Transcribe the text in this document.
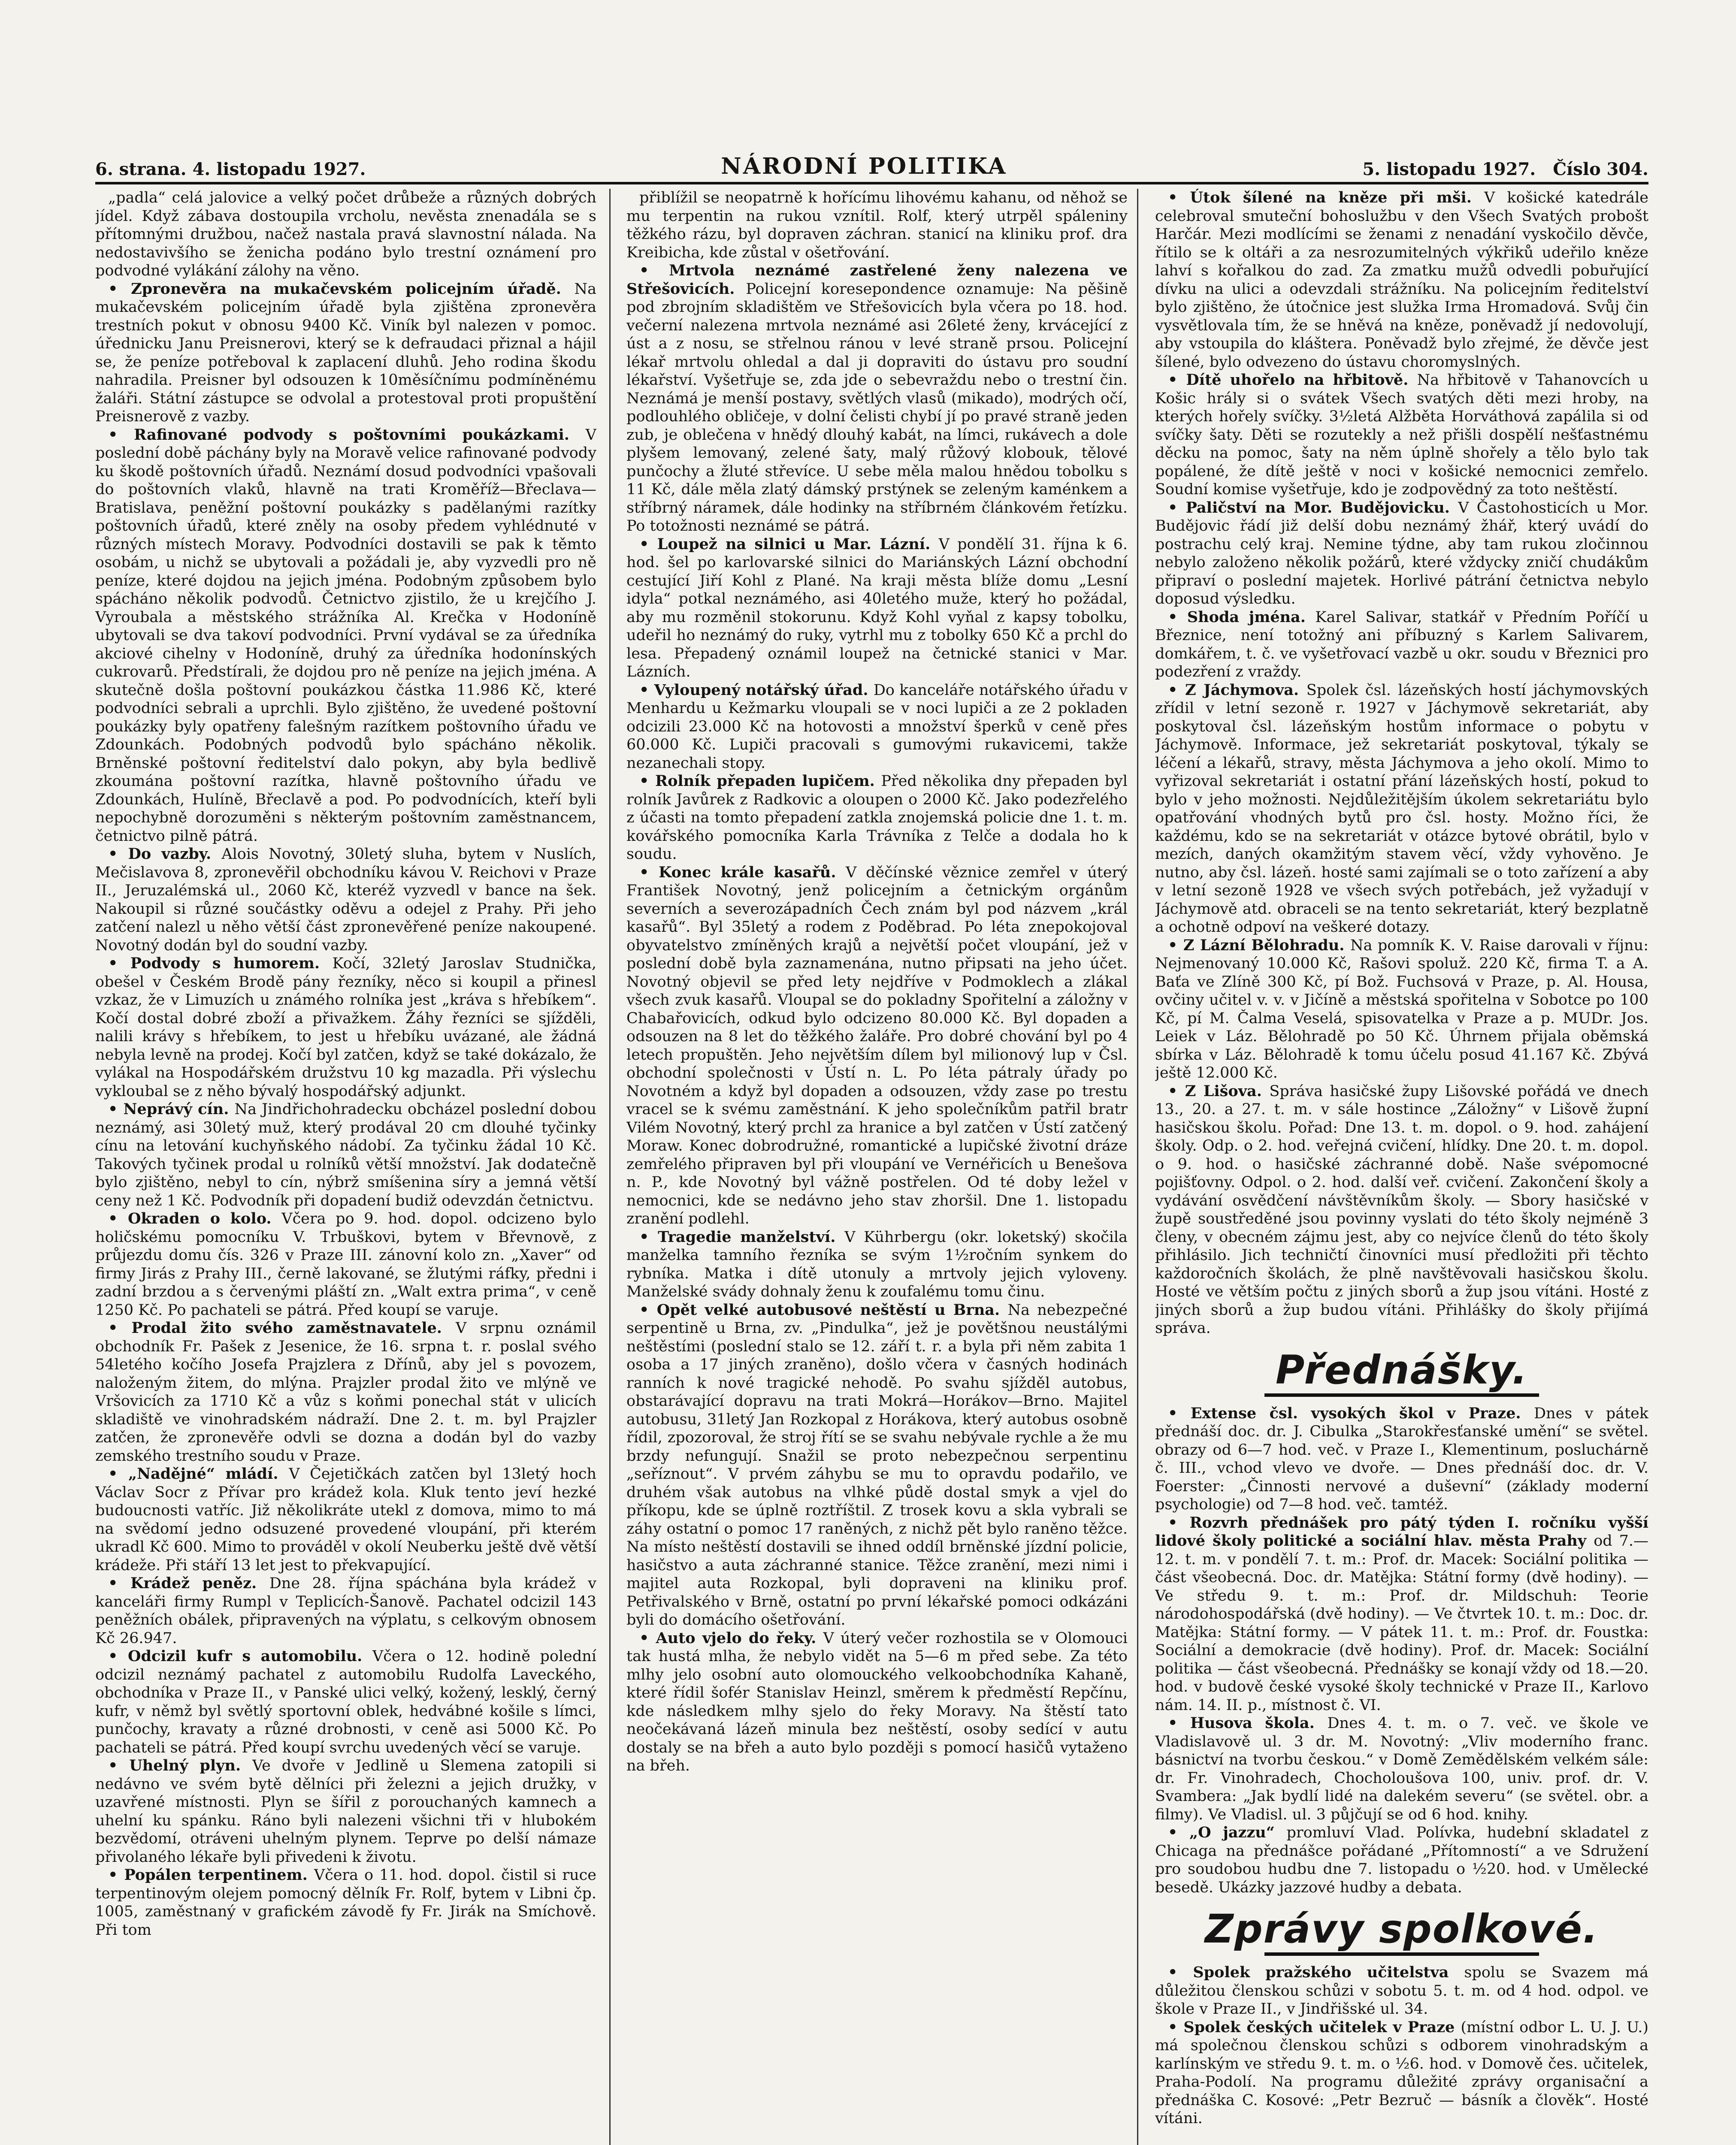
6. strana. 4. listopadu 1927.	NÁRODNÍ POLITIKA	5. listopadu 1927. Číslo 304.

„padla“ celá jalovice a velký počet drůbeže a různých dobrých jídel. Když zábava dostoupila vrcholu, nevěsta znenadála se s přítomnými družbou, načež nastala pravá slavnostní nálada. Na nedostavivšího se ženicha podáno bylo trestní oznámení pro podvodné vylákání zálohy na věno.

• Zpronevěra na mukačevském policejním úřadě. Na mukačevském policejním úřadě byla zjištěna zpronevěra trestních pokut v obnosu 9400 Kč. Viník byl nalezen v pomoc. úřednicku Janu Preisnerovi, který se k defraudaci přiznal a hájil se, že peníze potřeboval k zaplacení dluhů. Jeho rodina škodu nahradila. Preisner byl odsouzen k 10měsíčnímu podmíněnému žaláři. Státní zástupce se odvolal a protestoval proti propuštění Preisnerově z vazby.

• Rafinované podvody s poštovními poukázkami. V poslední době páchány byly na Moravě velice rafinované podvody ku škodě poštovních úřadů. Neznámí dosud podvodníci vpašovali do poštovních vlaků, hlavně na trati Kroměříž—Břeclava—Bratislava, peněžní poštovní poukázky s padělanými razítky poštovních úřadů, které zněly na osoby předem vyhlédnuté v různých místech Moravy. Podvodníci dostavili se pak k těmto osobám, u nichž se ubytovali a požádali je, aby vyzvedli pro ně peníze, které dojdou na jejich jména. Podobným způsobem bylo spácháno několik podvodů. Četnictvo zjistilo, že u krejčího J. Vyroubala a městského strážníka Al. Krečka v Hodoníně ubytovali se dva takoví podvodníci. První vydával se za úředníka akciové cihelny v Hodoníně, druhý za úředníka hodonínských cukrovarů. Předstírali, že dojdou pro ně peníze na jejich jména. A skutečně došla poštovní poukázkou částka 11.986 Kč, které podvodníci sebrali a uprchli. Bylo zjištěno, že uvedené poštovní poukázky byly opatřeny falešným razítkem poštovního úřadu ve Zdounkách. Podobných podvodů bylo spácháno několik. Brněnské poštovní ředitelství dalo pokyn, aby byla bedlivě zkoumána poštovní razítka, hlavně poštovního úřadu ve Zdounkách, Hulíně, Břeclavě a pod. Po podvodnících, kteří byli nepochybně dorozuměni s některým poštovním zaměstnancem, četnictvo pilně pátrá.

• Do vazby. Alois Novotný, 30letý sluha, bytem v Nuslích, Mečislavova 8, zpronevěřil obchodníku kávou V. Reichovi v Praze II., Jeruzalémská ul., 2060 Kč, kteréž vyzvedl v bance na šek. Nakoupil si různé součástky oděvu a odejel z Prahy. Při jeho zatčení nalezl u něho větší část zpronevěřené peníze nakoupené. Novotný dodán byl do soudní vazby.

• Podvody s humorem. Kočí, 32letý Jaroslav Studnička, obešel v Českém Brodě pány řezníky, něco si koupil a přinesl vzkaz, že v Limuzích u známého rolníka jest „kráva s hřebíkem“. Kočí dostal dobré zboží a přivažkem. Žáhy řezníci se sjížděli, nalili krávy s hřebíkem, to jest u hřebíku uvázané, ale žádná nebyla levně na prodej. Kočí byl zatčen, když se také dokázalo, že vylákal na Hospodářském družstvu 10 kg mazadla. Při výslechu vykloubal se z něho bývalý hospodářský adjunkt.

• Neprávý cín. Na Jindřichohradecku obcházel poslední dobou neznámý, asi 30letý muž, který prodával 20 cm dlouhé tyčinky cínu na letování kuchyňského nádobí. Za tyčinku žádal 10 Kč. Takových tyčinek prodal u rolníků větší množství. Jak dodatečně bylo zjištěno, nebyl to cín, nýbrž smíšenina síry a jemná větší ceny než 1 Kč. Podvodník při dopadení budiž odevzdán četnictvu.

• Okraden o kolo. Včera po 9. hod. dopol. odcizeno bylo holičskému pomocníku V. Trbuškovi, bytem v Břevnově, z průjezdu domu čís. 326 v Praze III. zánovní kolo zn. „Xaver“ od firmy Jirás z Prahy III., černě lakované, se žlutými ráfky, předni i zadní brzdou a s červenými pláští zn. „Walt extra prima“, v ceně 1250 Kč. Po pachateli se pátrá. Před koupí se varuje.

• Prodal žito svého zaměstnavatele. V srpnu oznámil obchodník Fr. Pašek z Jesenice, že 16. srpna t. r. poslal svého 54letého kočího Josefa Prajzlera z Dřínů, aby jel s povozem, naloženým žitem, do mlýna. Prajzler prodal žito ve mlýně ve Vršovicích za 1710 Kč a vůz s koňmi ponechal stát v ulicích skladiště ve vinohradském nádraží. Dne 2. t. m. byl Prajzler zatčen, že zpronevěře odvli se dozna a dodán byl do vazby zemského trestního soudu v Praze.

• „Nadějné“ mládí. V Čejetičkách zatčen byl 13letý hoch Václav Socr z Přívar pro krádež kola. Kluk tento jeví hezké budoucnosti vatříc. Již několikráte utekl z domova, mimo to má na svědomí jedno odsuzené provedené vloupání, při kterém ukradl Kč 600. Mimo to prováděl v okolí Neuberku ještě dvě větší krádeže. Při stáří 13 let jest to překvapující.

• Krádež peněz. Dne 28. října spáchána byla krádež v kanceláři firmy Rumpl v Teplicích-Šanově. Pachatel odcizil 143 peněžních obálek, připravených na výplatu, s celkovým obnosem Kč 26.947.

• Odcizil kufr s automobilu. Včera o 12. hodině polední odcizil neznámý pachatel z automobilu Rudolfa Laveckého, obchodníka v Praze II., v Panské ulici velký, kožený, lesklý, černý kufr, v němž byl světlý sportovní oblek, hedvábné košile s límci, punčochy, kravaty a různé drobnosti, v ceně asi 5000 Kč. Po pachateli se pátrá. Před koupí svrchu uvedených věcí se varuje.

• Uhelný plyn. Ve dvoře v Jedlině u Slemena zatopili si nedávno ve svém bytě dělníci při železni a jejich družky, v uzavřené místnosti. Plyn se šířil z porouchaných kamnech a uhelní ku spánku. Ráno byli nalezeni všichni tři v hlubokém bezvědomí, otráveni uhelným plynem. Teprve po delší námaze přivolaného lékaře byli přivedeni k životu.

• Popálen terpentinem. Včera o 11. hod. dopol. čistil si ruce terpentinovým olejem pomocný dělník Fr. Rolf, bytem v Libni čp. 1005, zaměstnaný v grafickém závodě fy Fr. Jirák na Smíchově. Při tom

přiblížil se neopatrně k hořícímu lihovému kahanu, od něhož se mu terpentin na rukou vznítil. Rolf, který utrpěl spáleniny těžkého rázu, byl dopraven záchran. stanicí na kliniku prof. dra Kreibicha, kde zůstal v ošetřování.

• Mrtvola neznámé zastřelené ženy nalezena ve Střešovicích. Policejní koresepondence oznamuje: Na pěšině pod zbrojním skladištěm ve Střešovicích byla včera po 18. hod. večerní nalezena mrtvola neznámé asi 26leté ženy, krvácející z úst a z nosu, se střelnou ránou v levé straně prsou. Policejní lékař mrtvolu ohledal a dal ji dopraviti do ústavu pro soudní lékařství. Vyšetřuje se, zda jde o sebevraždu nebo o trestní čin. Neznámá je menší postavy, světlých vlasů (mikado), modrých očí, podlouhlého obličeje, v dolní čelisti chybí jí po pravé straně jeden zub, je oblečena v hnědý dlouhý kabát, na límci, rukávech a dole plyšem lemovaný, zelené šaty, malý růžový klobouk, tělové punčochy a žluté střevíce. U sebe měla malou hnědou tobolku s 11 Kč, dále měla zlatý dámský prstýnek se zeleným kaménkem a stříbrný náramek, dále hodinky na stříbrném článkovém řetízku. Po totožnosti neznámé se pátrá.

• Loupež na silnici u Mar. Lázní. V pondělí 31. října k 6. hod. šel po karlovarské silnici do Mariánských Lázní obchodní cestující Jiří Kohl z Plané. Na kraji města blíže domu „Lesní idyla“ potkal neznámého, asi 40letého muže, který ho požádal, aby mu rozměnil stokorunu. Když Kohl vyňal z kapsy tobolku, udeřil ho neznámý do ruky, vytrhl mu z tobolky 650 Kč a prchl do lesa. Přepadený oznámil loupež na četnické stanici v Mar. Lázních.

• Vyloupený notářský úřad. Do kanceláře notářského úřadu v Menhardu u Kežmarku vloupali se v noci lupiči a ze 2 pokladen odcizili 23.000 Kč na hotovosti a množství šperků v ceně přes 60.000 Kč. Lupiči pracovali s gumovými rukavicemi, takže nezanechali stopy.

• Rolník přepaden lupičem. Před několika dny přepaden byl rolník Javůrek z Radkovic a oloupen o 2000 Kč. Jako podezřelého z účasti na tomto přepadení zatkla znojemská policie dne 1. t. m. kovářského pomocníka Karla Trávníka z Telče a dodala ho k soudu.

• Konec krále kasařů. V děčínské věznice zemřel v úterý František Novotný, jenž policejním a četnickým orgánům severních a severozápadních Čech znám byl pod názvem „král kasařů“. Byl 35letý a rodem z Poděbrad. Po léta znepokojoval obyvatelstvo zmíněných krajů a největší počet vloupání, jež v poslední době byla zaznamenána, nutno připsati na jeho účet. Novotný objevil se před lety nejdříve v Podmoklech a zlákal všech zvuk kasařů. Vloupal se do pokladny Spořitelní a záložny v Chabařovicích, odkud bylo odcizeno 80.000 Kč. Byl dopaden a odsouzen na 8 let do těžkého žaláře. Pro dobré chování byl po 4 letech propuštěn. Jeho největším dílem byl milionový lup v Čsl. obchodní společnosti v Ústí n. L. Po léta pátraly úřady po Novotném a když byl dopaden a odsouzen, vždy zase po trestu vracel se k svému zaměstnání. K jeho společníkům patřil bratr Vilém Novotný, který prchl za hranice a byl zatčen v Ústí zatčený Moraw. Konec dobrodružné, romantické a lupičské životní dráze zemřelého připraven byl při vloupání ve Vernéřicích u Benešova n. P., kde Novotný byl vážně postřelen. Od té doby ležel v nemocnici, kde se nedávno jeho stav zhoršil. Dne 1. listopadu zranění podlehl.

• Tragedie manželství. V Kührbergu (okr. loketský) skočila manželka tamního řezníka se svým 1½ročním synkem do rybníka. Matka i dítě utonuly a mrtvoly jejich vyloveny. Manželské svády dohnaly ženu k zoufalému tomu činu.

• Opět velké autobusové neštěstí u Brna. Na nebezpečné serpentině u Brna, zv. „Pindulka“, jež je povětšnou neustálými neštěstími (poslední stalo se 12. září t. r. a byla při něm zabita 1 osoba a 17 jiných zraněno), došlo včera v časných hodinách ranních k nové tragické nehodě. Po svahu sjížděl autobus, obstarávající dopravu na trati Mokrá—Horákov—Brno. Majitel autobusu, 31letý Jan Rozkopal z Horákova, který autobus osobně řídil, zpozoroval, že stroj řítí se se svahu nebývale rychle a že mu brzdy nefungují. Snažil se proto nebezpečnou serpentinu „seříznout“. V prvém záhybu se mu to opravdu podařilo, ve druhém však autobus na vlhké půdě dostal smyk a vjel do příkopu, kde se úplně roztříštil. Z trosek kovu a skla vybrali se záhy ostatní o pomoc 17 raněných, z nichž pět bylo raněno těžce. Na místo neštěstí dostavili se ihned oddíl brněnské jízdní policie, hasičstvo a auta záchranné stanice. Těžce zranění, mezi nimi i majitel auta Rozkopal, byli dopraveni na kliniku prof. Petřivalského v Brně, ostatní po první lékařské pomoci odkázáni byli do domácího ošetřování.

• Auto vjelo do řeky. V úterý večer rozhostila se v Olomouci tak hustá mlha, že nebylo vidět na 5—6 m před sebe. Za této mlhy jelo osobní auto olomouckého velkoobchodníka Kahaně, které řídil šofér Stanislav Heinzl, směrem k předměstí Repčínu, kde následkem mlhy sjelo do řeky Moravy. Na štěstí tato neočekávaná lázeň minula bez neštěstí, osoby sedící v autu dostaly se na břeh a auto bylo později s pomocí hasičů vytaženo na břeh.

• Útok šílené na kněze při mši. V košické katedrále celebroval smuteční bohoslužbu v den Všech Svatých probošt Harčár. Mezi modlícími se ženami z nenadání vyskočilo děvče, řítilo se k oltáři a za nesrozumitelných výkřiků udeřilo kněze lahví s kořalkou do zad. Za zmatku mužů odvedli pobuřující dívku na ulici a odevzdali strážníku. Na policejním ředitelství bylo zjištěno, že útočnice jest služka Irma Hromadová. Svůj čin vysvětlovala tím, že se hněvá na kněze, poněvadž jí nedovolují, aby vstoupila do kláštera. Poněvadž bylo zřejmé, že děvče jest šílené, bylo odvezeno do ústavu choromyslných.

• Dítě uhořelo na hřbitově. Na hřbitově v Tahanovcích u Košic hrály si o svátek Všech svatých děti mezi hroby, na kterých hořely svíčky. 3½letá Alžběta Horváthová zapálila si od svíčky šaty. Děti se rozutekly a než přišli dospělí nešťastnému děcku na pomoc, šaty na něm úplně shořely a tělo bylo tak popálené, že dítě ještě v noci v košické nemocnici zemřelo. Soudní komise vyšetřuje, kdo je zodpovědný za toto neštěstí.

• Paličství na Mor. Budějovicku. V Častohosticích u Mor. Budějovic řádí již delší dobu neznámý žhář, který uvádí do postrachu celý kraj. Nemine týdne, aby tam rukou zločinnou nebylo založeno několik požárů, které vždycky zničí chudákům připraví o poslední majetek. Horlivé pátrání četnictva nebylo doposud výsledku.

• Shoda jména. Karel Salivar, statkář v Předním Poříčí u Březnice, není totožný ani příbuzný s Karlem Salivarem, domkářem, t. č. ve vyšetřovací vazbě u okr. soudu v Březnici pro podezření z vraždy.

• Z Jáchymova. Spolek čsl. lázeňských hostí jáchymovských zřídil v letní sezoně r. 1927 v Jáchymově sekretariát, aby poskytoval čsl. lázeňským hostům informace o pobytu v Jáchymově. Informace, jež sekretariát poskytoval, týkaly se léčení a lékařů, stravy, města Jáchymova a jeho okolí. Mimo to vyřizoval sekretariát i ostatní přání lázeňských hostí, pokud to bylo v jeho možnosti. Nejdůležitějším úkolem sekretariátu bylo opatřování vhodných bytů pro čsl. hosty. Možno říci, že každému, kdo se na sekretariát v otázce bytové obrátil, bylo v mezích, daných okamžitým stavem věcí, vždy vyhověno. Je nutno, aby čsl. lázeň. hosté sami zajímali se o toto zařízení a aby v letní sezoně 1928 ve všech svých potřebách, jež vyžadují v Jáchymově atd. obraceli se na tento sekretariát, který bezplatně a ochotně odpoví na veškeré dotazy.

• Z Lázní Bělohradu. Na pomník K. V. Raise darovali v říjnu: Nejmenovaný 10.000 Kč, Rašovi spoluž. 220 Kč, firma T. a A. Baťa ve Zlíně 300 Kč, pí Bož. Fuchsová v Praze, p. Al. Housa, ovčiny učitel v. v. v Jičíně a městská spořitelna v Sobotce po 100 Kč, pí M. Čalma Veselá, spisovatelka v Praze a p. MUDr. Jos. Leiek v Láz. Bělohradě po 50 Kč. Úhrnem přijala oběmská sbírka v Láz. Bělohradě k tomu účelu posud 41.167 Kč. Zbývá ještě 12.000 Kč.

• Z Lišova. Správa hasičské župy Lišovské pořádá ve dnech 13., 20. a 27. t. m. v sále hostince „Záložny“ v Lišově župní hasičskou školu. Pořad: Dne 13. t. m. dopol. o 9. hod. zahájení školy. Odp. o 2. hod. veřejná cvičení, hlídky. Dne 20. t. m. dopol. o 9. hod. o hasičské záchranné době. Naše svépomocné pojišťovny. Odpol. o 2. hod. další veř. cvičení. Zakončení školy a vydávání osvědčení návštěvníkům školy. — Sbory hasičské v župě soustředěné jsou povinny vyslati do této školy nejméně 3 členy, v obecném zájmu jest, aby co nejvíce členů do této školy přihlásilo. Jich techničtí činovníci musí předložiti při těchto každoročních školách, že plně navštěvovali hasičskou školu. Hosté ve větším počtu z jiných sborů a žup jsou vítáni. Hosté z jiných sborů a žup budou vítáni. Přihlášky do školy přijímá správa.

Přednášky.

• Extense čsl. vysokých škol v Praze. Dnes v pátek přednáší doc. dr. J. Cibulka „Starokřesťanské umění“ se světel. obrazy od 6—7 hod. več. v Praze I., Klementinum, posluchárně č. III., vchod vlevo ve dvoře. — Dnes přednáší doc. dr. V. Foerster: „Činnosti nervové a duševní“ (základy moderní psychologie) od 7—8 hod. več. tamtéž.

• Rozvrh přednášek pro pátý týden I. ročníku vyšší lidové školy politické a sociální hlav. města Prahy od 7.—12. t. m. v pondělí 7. t. m.: Prof. dr. Macek: Sociální politika — část všeobecná. Doc. dr. Matějka: Státní formy (dvě hodiny). — Ve středu 9. t. m.: Prof. dr. Mildschuh: Teorie národohospodářská (dvě hodiny). — Ve čtvrtek 10. t. m.: Doc. dr. Matějka: Státní formy. — V pátek 11. t. m.: Prof. dr. Foustka: Sociální a demokracie (dvě hodiny). Prof. dr. Macek: Sociální politika — část všeobecná. Přednášky se konají vždy od 18.—20. hod. v budově české vysoké školy technické v Praze II., Karlovo nám. 14. II. p., místnost č. VI.

• Husova škola. Dnes 4. t. m. o 7. več. ve škole ve Vladislavově ul. 3 dr. M. Novotný: „Vliv moderního franc. básnictví na tvorbu českou.“ v Domě Zemědělském velkém sále: dr. Fr. Vinohradech, Chocholoušova 100, univ. prof. dr. V. Svambera: „Jak bydlí lidé na dalekém severu“ (se světel. obr. a filmy). Ve Vladisl. ul. 3 půjčují se od 6 hod. knihy.

• „O jazzu“ promluví Vlad. Polívka, hudební skladatel z Chicaga na přednášce pořádané „Přítomností“ a ve Sdružení pro soudobou hudbu dne 7. listopadu o ½20. hod. v Umělecké besedě. Ukázky jazzové hudby a debata.

Zprávy spolkové.

• Spolek pražského učitelstva spolu se Svazem má důležitou členskou schůzi v sobotu 5. t. m. od 4 hod. odpol. ve škole v Praze II., v Jindřišské ul. 34.

• Spolek českých učitelek v Praze (místní odbor L. U. J. U.) má společnou členskou schůzi s odborem vinohradským a karlínským ve středu 9. t. m. o ½6. hod. v Domově čes. učitelek, Praha-Podolí. Na programu důležité zprávy organisační a přednáška C. Kosové: „Petr Bezruč — básník a člověk“. Hosté vítáni.
